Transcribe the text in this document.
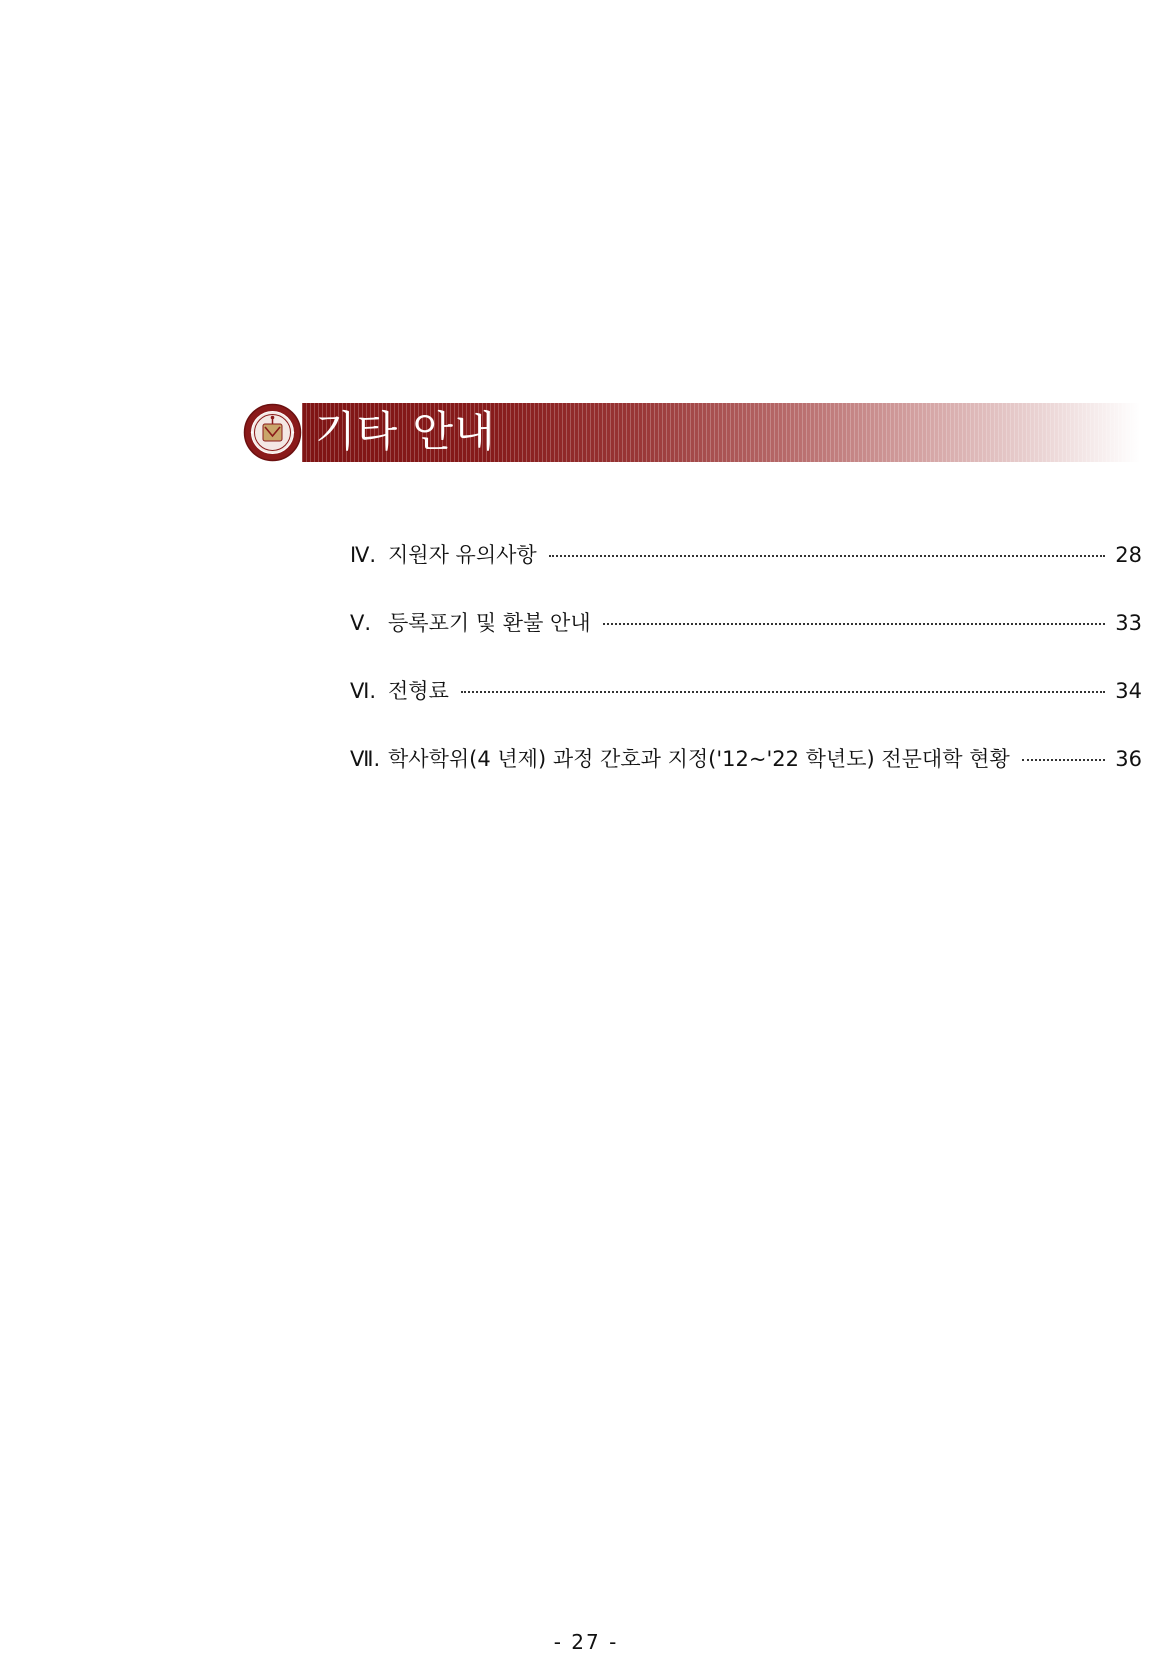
기타 안내
Ⅳ. 지원자 유의사항	28
Ⅴ. 등록포기 및 환불 안내	33
Ⅵ. 전형료	34
Ⅶ. 학사학위(4 년제) 과정 간호과 지정('12~'22 학년도) 전문대학 현황	36
- 27 -
